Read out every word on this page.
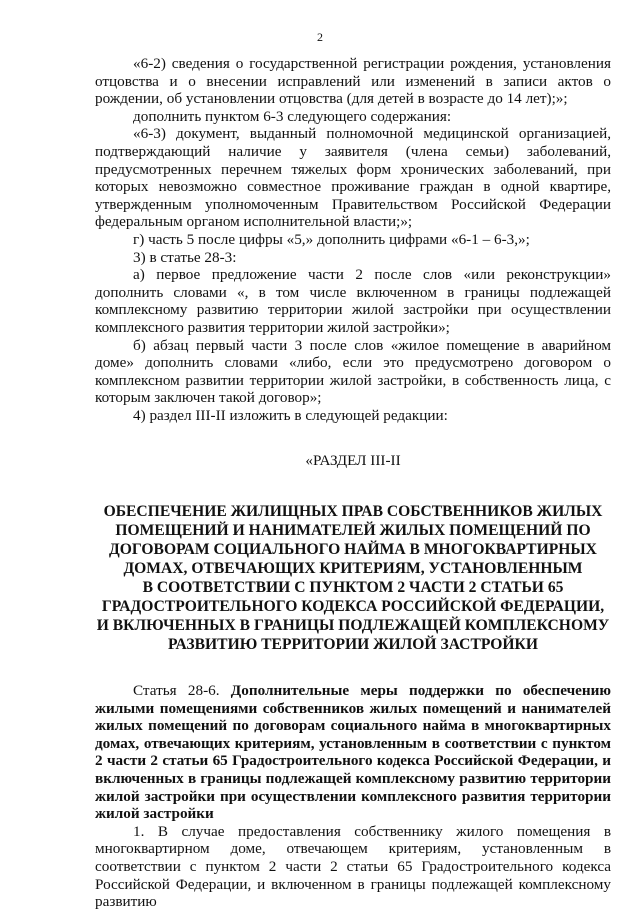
2

«6-2) сведения о государственной регистрации рождения, установления отцовства и о внесении исправлений или изменений в записи актов о рождении, об установлении отцовства (для детей в возрасте до 14 лет);»;

дополнить пунктом 6-3 следующего содержания:

«6-3) документ, выданный полномочной медицинской организацией, подтверждающий наличие у заявителя (члена семьи) заболеваний, предусмотренных перечнем тяжелых форм хронических заболеваний, при которых невозможно совместное проживание граждан в одной квартире, утвержденным уполномоченным Правительством Российской Федерации федеральным органом исполнительной власти;»;

г) часть 5 после цифры «5,» дополнить цифрами «6-1 – 6-3,»;

3) в статье 28-3:

а) первое предложение части 2 после слов «или реконструкции» дополнить словами «, в том числе включенном в границы подлежащей комплексному развитию территории жилой застройки при осуществлении комплексного развития территории жилой застройки»;

б) абзац первый части 3 после слов «жилое помещение в аварийном доме» дополнить словами «либо, если это предусмотрено договором о комплексном развитии территории жилой застройки, в собственность лица, с которым заключен такой договор»;

4) раздел III-II изложить в следующей редакции:

«РАЗДЕЛ III-II
ОБЕСПЕЧЕНИЕ ЖИЛИЩНЫХ ПРАВ СОБСТВЕННИКОВ ЖИЛЫХ
ПОМЕЩЕНИЙ И НАНИМАТЕЛЕЙ ЖИЛЫХ ПОМЕЩЕНИЙ ПО
ДОГОВОРАМ СОЦИАЛЬНОГО НАЙМА В МНОГОКВАРТИРНЫХ
ДОМАХ, ОТВЕЧАЮЩИХ КРИТЕРИЯМ, УСТАНОВЛЕННЫМ
В СООТВЕТСТВИИ С ПУНКТОМ 2 ЧАСТИ 2 СТАТЬИ 65
ГРАДОСТРОИТЕЛЬНОГО КОДЕКСА РОССИЙСКОЙ ФЕДЕРАЦИИ,
И ВКЛЮЧЕННЫХ В ГРАНИЦЫ ПОДЛЕЖАЩЕЙ КОМПЛЕКСНОМУ
РАЗВИТИЮ ТЕРРИТОРИИ ЖИЛОЙ ЗАСТРОЙКИ

Статья 28-6. Дополнительные меры поддержки по обеспечению жилыми помещениями собственников жилых помещений и нанимателей жилых помещений по договорам социального найма в многоквартирных домах, отвечающих критериям, установленным в соответствии с пунктом 2 части 2 статьи 65 Градостроительного кодекса Российской Федерации, и включенных в границы подлежащей комплексному развитию территории жилой застройки при осуществлении комплексного развития территории жилой застройки

1. В случае предоставления собственнику жилого помещения в многоквартирном доме, отвечающем критериям, установленным в соответствии с пунктом 2 части 2 статьи 65 Градостроительного кодекса Российской Федерации, и включенном в границы подлежащей комплексному развитию
